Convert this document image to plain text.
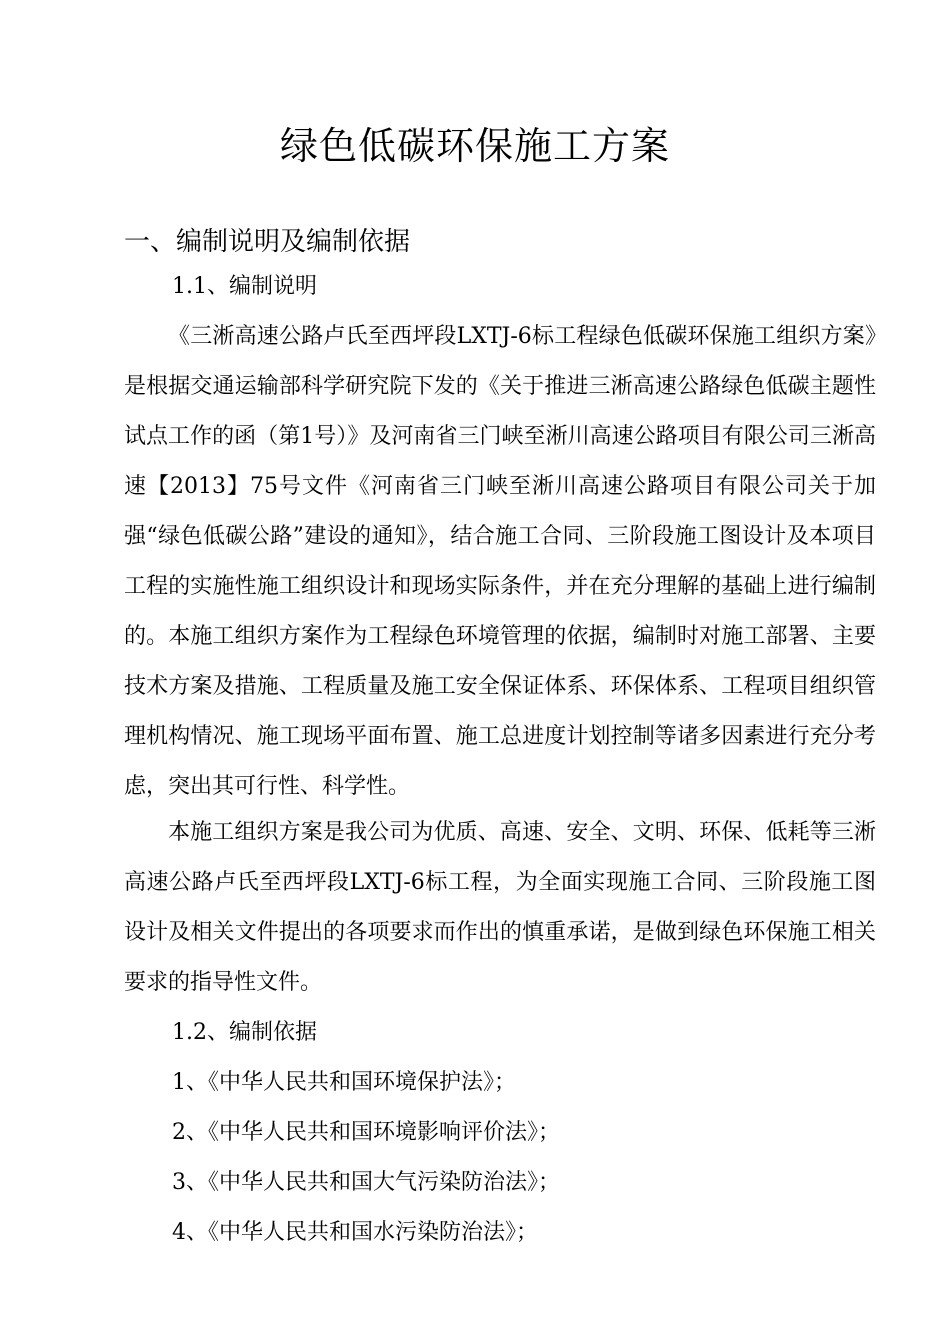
绿色低碳环保施工方案
一、编制说明及编制依据
1.1、编制说明

《三淅高速公路卢氏至西坪段LXTJ-6标工程绿色低碳环保施工组织方案》是根据交通运输部科学研究院下发的《关于推进三淅高速公路绿色低碳主题性试点工作的函（第1号）》及河南省三门峡至淅川高速公路项目有限公司三淅高速【2013】75号文件《河南省三门峡至淅川高速公路项目有限公司关于加强“绿色低碳公路”建设的通知》，结合施工合同、三阶段施工图设计及本项目工程的实施性施工组织设计和现场实际条件，并在充分理解的基础上进行编制的。本施工组织方案作为工程绿色环境管理的依据，编制时对施工部署、主要技术方案及措施、工程质量及施工安全保证体系、环保体系、工程项目组织管理机构情况、施工现场平面布置、施工总进度计划控制等诸多因素进行充分考虑，突出其可行性、科学性。

本施工组织方案是我公司为优质、高速、安全、文明、环保、低耗等三淅高速公路卢氏至西坪段LXTJ-6标工程，为全面实现施工合同、三阶段施工图设计及相关文件提出的各项要求而作出的慎重承诺，是做到绿色环保施工相关要求的指导性文件。

1.2、编制依据

1、《中华人民共和国环境保护法》；

2、《中华人民共和国环境影响评价法》；

3、《中华人民共和国大气污染防治法》；

4、《中华人民共和国水污染防治法》；
